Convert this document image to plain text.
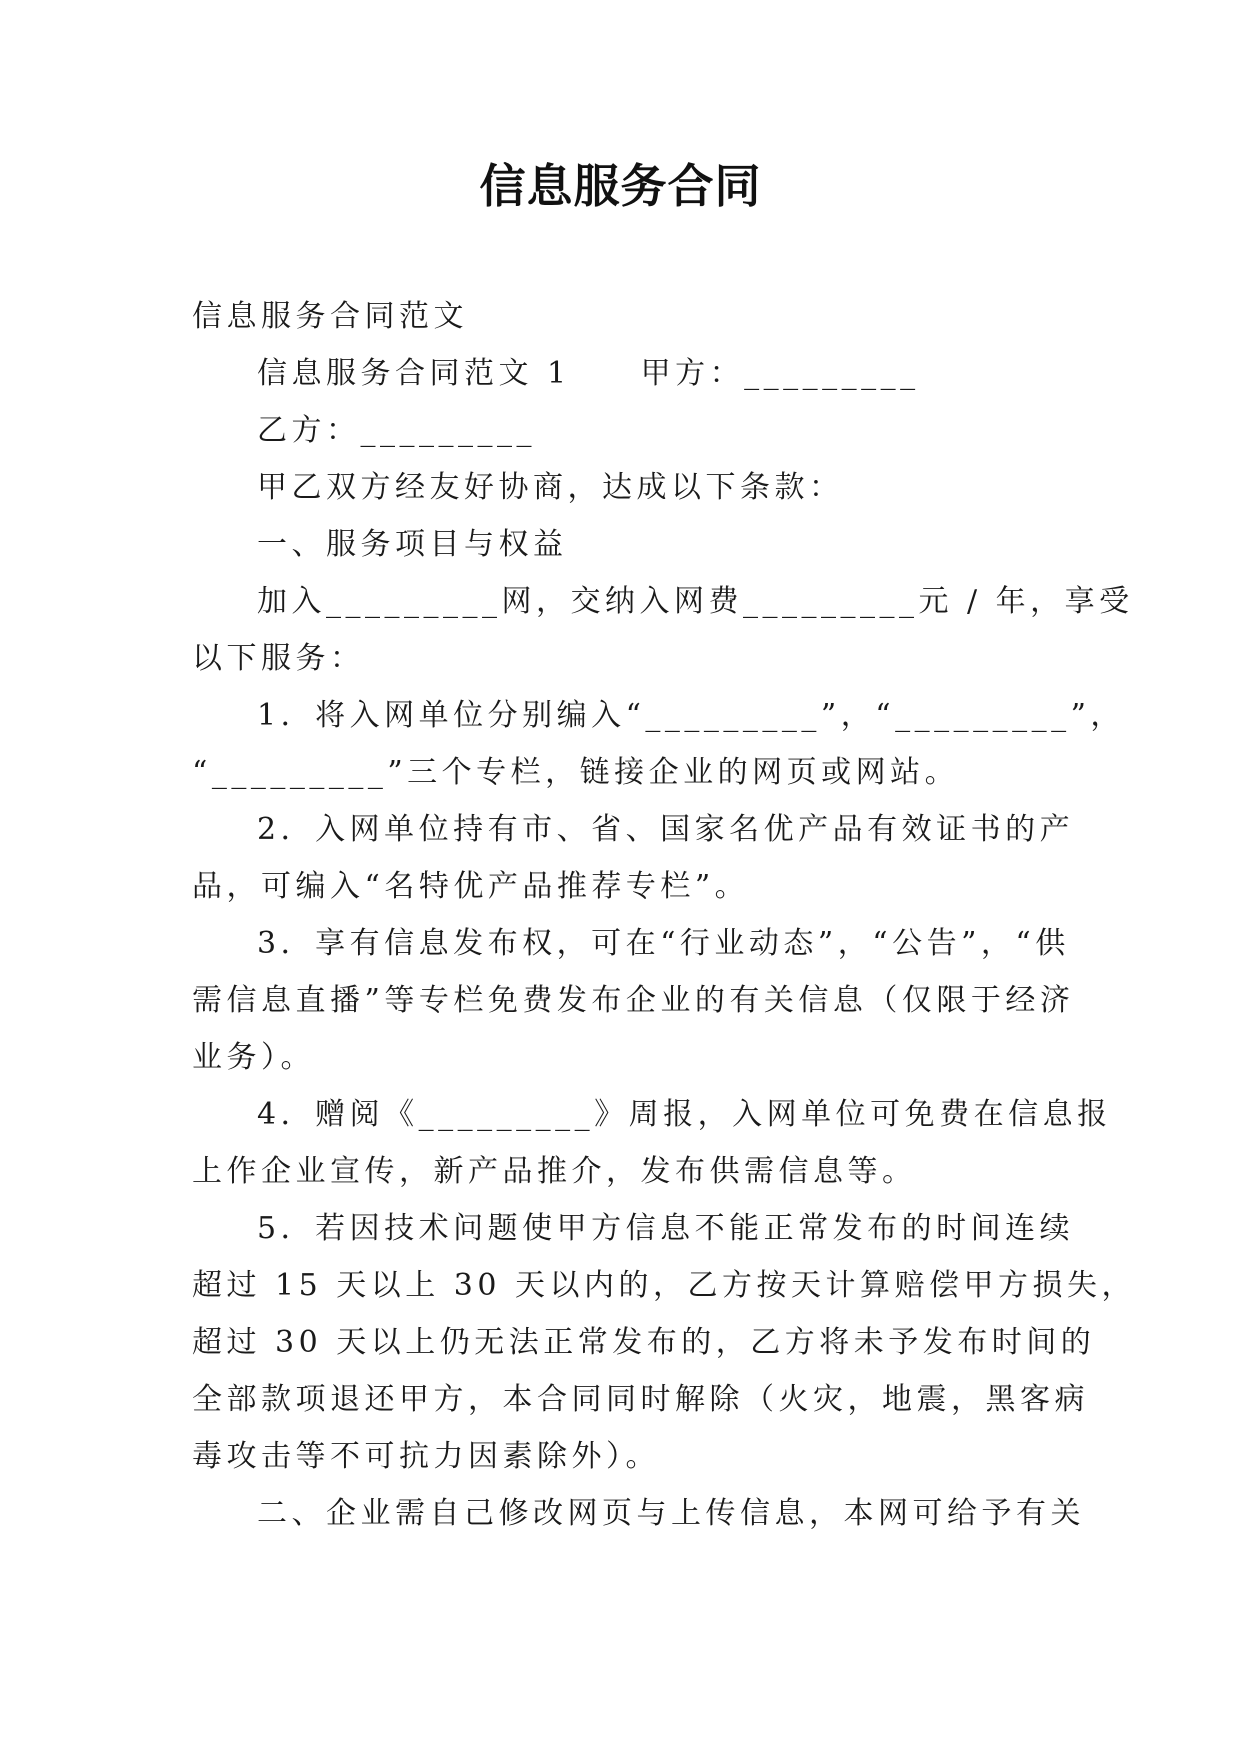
信息服务合同
信息服务合同范文
信息服务合同范文 1 甲方：_________
乙方：_________
甲乙双方经友好协商，达成以下条款：
一、服务项目与权益
加入_________网，交纳入网费_________元 / 年，享受
以下服务：
1．将入网单位分别编入“_________”，“_________”，
“_________”三个专栏，链接企业的网页或网站。
2．入网单位持有市、省、国家名优产品有效证书的产
品，可编入“名特优产品推荐专栏”。
3．享有信息发布权，可在“行业动态”，“公告”，“供
需信息直播”等专栏免费发布企业的有关信息（仅限于经济
业务）。
4．赠阅《_________》周报，入网单位可免费在信息报
上作企业宣传，新产品推介，发布供需信息等。
5．若因技术问题使甲方信息不能正常发布的时间连续
超过 15 天以上 30 天以内的，乙方按天计算赔偿甲方损失，
超过 30 天以上仍无法正常发布的，乙方将未予发布时间的
全部款项退还甲方，本合同同时解除（火灾，地震，黑客病
毒攻击等不可抗力因素除外）。
二、企业需自己修改网页与上传信息，本网可给予有关
